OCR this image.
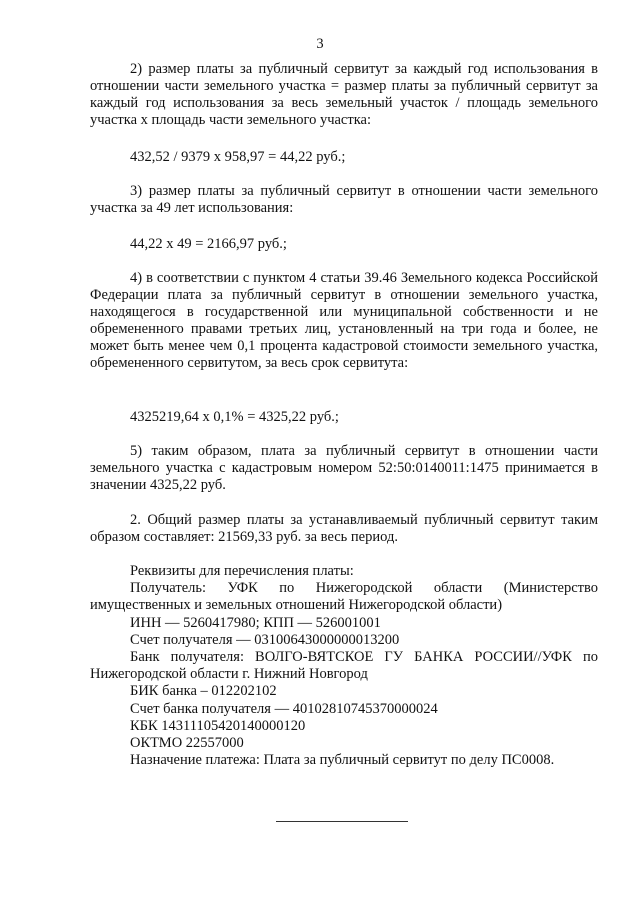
3

2) размер платы за публичный сервитут за каждый год использования в отношении части земельного участка = размер платы за публичный сервитут за каждый год использования за весь земельный участок / площадь земельного участка х площадь части земельного участка:

432,52 / 9379 х 958,97 = 44,22 руб.;

3) размер платы за публичный сервитут в отношении части земельного участка за 49 лет использования:

44,22 х 49 = 2166,97 руб.;

4) в соответствии с пунктом 4 статьи 39.46 Земельного кодекса Российской Федерации плата за публичный сервитут в отношении земельного участка, находящегося в государственной или муниципальной собственности и не обремененного правами третьих лиц, установленный на три года и более, не может быть менее чем 0,1 процента кадастровой стоимости земельного участка, обремененного сервитутом, за весь срок сервитута:

4325219,64 х 0,1% = 4325,22 руб.;

5) таким образом, плата за публичный сервитут в отношении части земельного участка с кадастровым номером 52:50:0140011:1475 принимается в значении 4325,22 руб.

2. Общий размер платы за устанавливаемый публичный сервитут таким образом составляет: 21569,33 руб. за весь период.

Реквизиты для перечисления платы:
Получатель: УФК по Нижегородской области (Министерство имущественных и земельных отношений Нижегородской области)
ИНН — 5260417980; КПП — 526001001
Счет получателя — 03100643000000013200
Банк получателя: ВОЛГО-ВЯТСКОЕ ГУ БАНКА РОССИИ//УФК по Нижегородской области г. Нижний Новгород
БИК банка – 012202102
Счет банка получателя — 40102810745370000024
КБК 14311105420140000120
ОКТМО 22557000
Назначение платежа: Плата за публичный сервитут по делу ПС0008.
